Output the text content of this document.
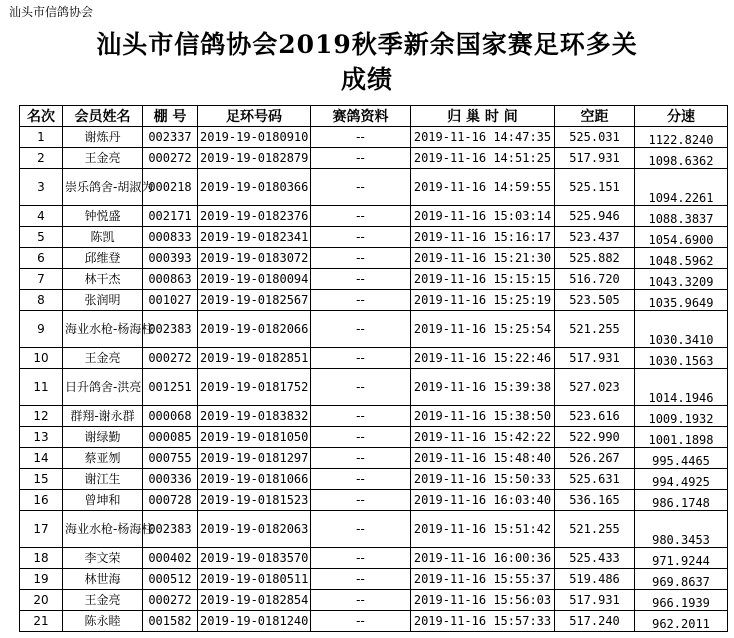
汕头市信鸽协会
汕头市信鸽协会2019秋季新余国家赛足环多关
成绩
名次	会员姓名	棚 号	足环号码	赛鸽资料	归 巢 时 间	空距	分速
1	谢炼丹	002337	2019-19-0180910	--	2019-11-16 14:47:35	525.031	1122.8240
2	王金亮	000272	2019-19-0182879	--	2019-11-16 14:51:25	517.931	1098.6362
3	崇乐鸽舍-胡淑为	000218	2019-19-0180366	--	2019-11-16 14:59:55	525.151	1094.2261
4	钟悦盛	002171	2019-19-0182376	--	2019-11-16 15:03:14	525.946	1088.3837
5	陈凯	000833	2019-19-0182341	--	2019-11-16 15:16:17	523.437	1054.6900
6	邱维登	000393	2019-19-0183072	--	2019-11-16 15:21:30	525.882	1048.5962
7	林干杰	000863	2019-19-0180094	--	2019-11-16 15:15:15	516.720	1043.3209
8	张润明	001027	2019-19-0182567	--	2019-11-16 15:25:19	523.505	1035.9649
9	海业水枪-杨海柱	002383	2019-19-0182066	--	2019-11-16 15:25:54	521.255	1030.3410
10	王金亮	000272	2019-19-0182851	--	2019-11-16 15:22:46	517.931	1030.1563
11	日升鸽舍-洪亮	001251	2019-19-0181752	--	2019-11-16 15:39:38	527.023	1014.1946
12	群翔-谢永群	000068	2019-19-0183832	--	2019-11-16 15:38:50	523.616	1009.1932
13	谢绿勤	000085	2019-19-0181050	--	2019-11-16 15:42:22	522.990	1001.1898
14	蔡亚刎	000755	2019-19-0181297	--	2019-11-16 15:48:40	526.267	995.4465
15	谢江生	000336	2019-19-0181066	--	2019-11-16 15:50:33	525.631	994.4925
16	曾坤和	000728	2019-19-0181523	--	2019-11-16 16:03:40	536.165	986.1748
17	海业水枪-杨海柱	002383	2019-19-0182063	--	2019-11-16 15:51:42	521.255	980.3453
18	李文荣	000402	2019-19-0183570	--	2019-11-16 16:00:36	525.433	971.9244
19	林世海	000512	2019-19-0180511	--	2019-11-16 15:55:37	519.486	969.8637
20	王金亮	000272	2019-19-0182854	--	2019-11-16 15:56:03	517.931	966.1939
21	陈永睦	001582	2019-19-0181240	--	2019-11-16 15:57:33	517.240	962.2011
